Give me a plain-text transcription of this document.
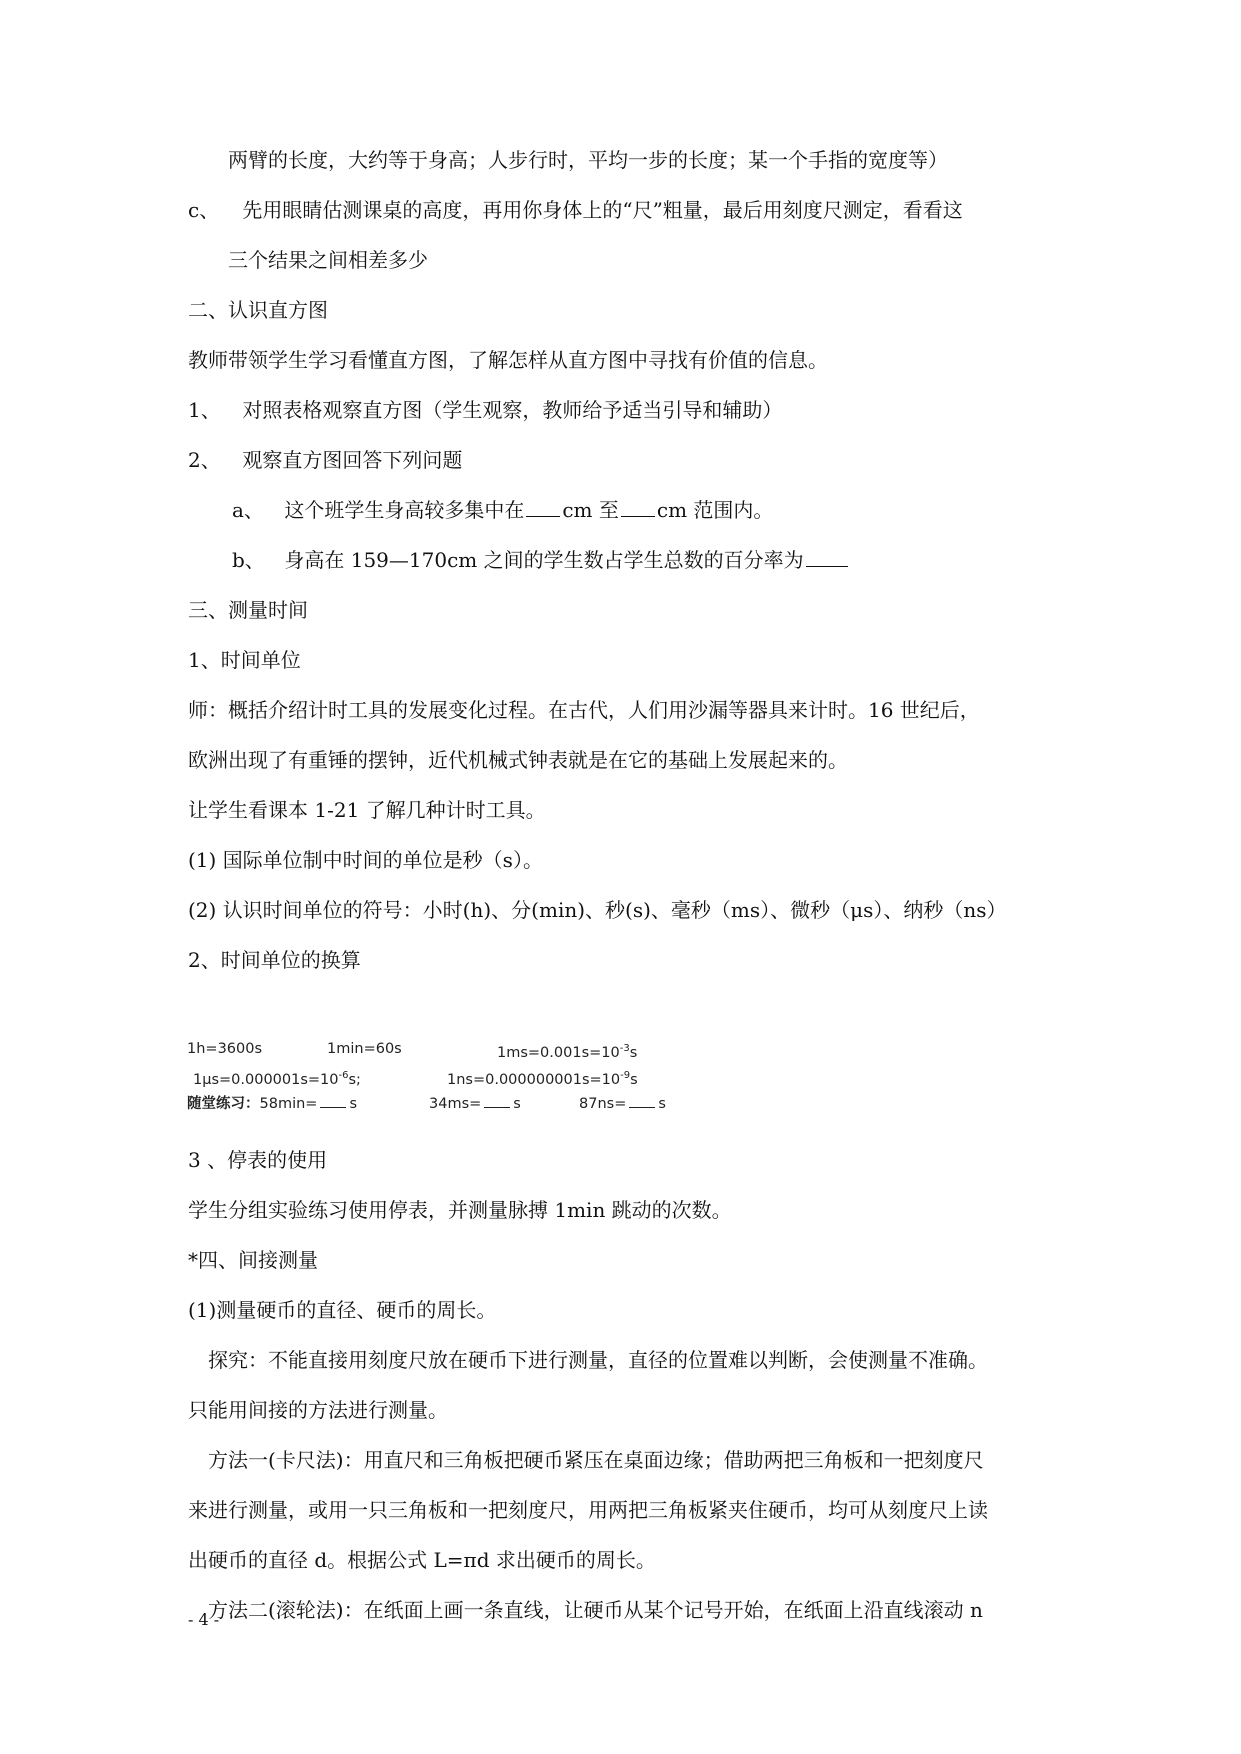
两臂的长度，大约等于身高；人步行时，平均一步的长度；某一个手指的宽度等）
c、 先用眼睛估测课桌的高度，再用你身体上的“尺”粗量，最后用刻度尺测定，看看这
三个结果之间相差多少
二、认识直方图
教师带领学生学习看懂直方图，了解怎样从直方图中寻找有价值的信息。
1、 对照表格观察直方图（学生观察，教师给予适当引导和辅助）
2、 观察直方图回答下列问题
a、 这个班学生身高较多集中在 cm 至 cm 范围内。
b、 身高在 159—170cm 之间的学生数占学生总数的百分率为
三、测量时间
1、时间单位
师：概括介绍计时工具的发展变化过程。在古代，人们用沙漏等器具来计时。16 世纪后，
欧洲出现了有重锤的摆钟，近代机械式钟表就是在它的基础上发展起来的。
让学生看课本 1-21 了解几种计时工具。
(1) 国际单位制中时间的单位是秒（s）。
(2) 认识时间单位的符号：小时(h)、分(min)、秒(s)、毫秒（ms）、微秒（μs）、纳秒（ns）
2、时间单位的换算
1h=3600s	1min=60s	$1ms=0.001s=10^{-3}s$
$1\mu s=0.000001s=10^{-6}s$;	$1ns=0.000000001s=10^{-9}s$
随堂练习：58min= s	34ms= s	87ns= s
3 、停表的使用
学生分组实验练习使用停表，并测量脉搏 1min 跳动的次数。
*四、间接测量
(1)测量硬币的直径、硬币的周长。
探究：不能直接用刻度尺放在硬币下进行测量，直径的位置难以判断，会使测量不准确。
只能用间接的方法进行测量。
方法一(卡尺法)：用直尺和三角板把硬币紧压在桌面边缘；借助两把三角板和一把刻度尺
来进行测量，或用一只三角板和一把刻度尺，用两把三角板紧夹住硬币，均可从刻度尺上读
出硬币的直径 d。根据公式 L=πd 求出硬币的周长。
方法二(滚轮法)：在纸面上画一条直线，让硬币从某个记号开始，在纸面上沿直线滚动 n
- 4 -
